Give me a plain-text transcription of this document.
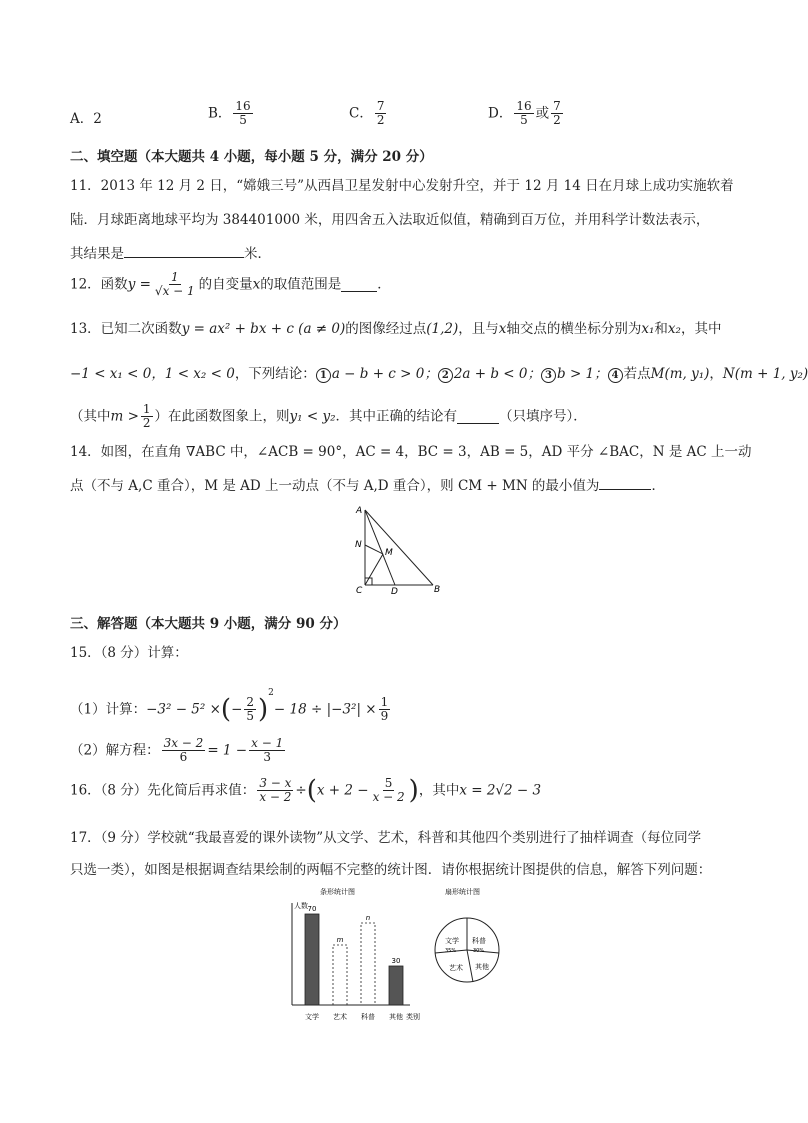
A．2	B． $\frac{16}{5}$	C． $\frac{7}{2}$	D． $\frac{16}{5}$ 或 $\frac{7}{2}$
二、填空题（本大题共 4 小题，每小题 5 分，满分 20 分）
11．2013 年 12 月 2 日，“嫦娥三号”从西昌卫星发射中心发射升空，并于 12 月 14 日在月球上成功实施软着
陆．月球距离地球平均为 384401000 米，用四舍五入法取近似值，精确到百万位，并用科学计数法表示，
其结果是	米．
12．函数$y = \frac{1}{√x - 1}$ 的自变量x的取值范围是	．
13．已知二次函数y = ax² + bx + c (a ≠ 0)的图像经过点(1,2)，且与x轴交点的横坐标分别为x₁和x₂，其中
−1 < x₁ < 0，1 < x₂ < 0，下列结论： 1 a − b + c > 0； 2 2a + b < 0； 3 b > 1； 4 若点M(m, y₁)，N(m + 1, y₂)
（其中$m > \frac{1}{2}$ ）在此函数图象上，则y₁ < y₂．其中正确的结论有	（只填序号）．
14．如图，在直角 ∇ABC 中，∠ACB = 90°，AC = 4，BC = 3，AB = 5，AD 平分 ∠BAC，N 是 AC 上一动
点（不与 A,C 重合），M 是 AD 上一动点（不与 A,D 重合），则 CM + MN 的最小值为	．
A
N
M
C	D	B
三、解答题（本大题共 9 小题，满分 90 分）
15．（8 分）计算：
（1）计算：−3² − 5² ×(− $\frac{2}{5} )^2- 18 \div |-3^2| \times \frac{1}{9}$
（2）解方程： $\frac{3x - 2}{6} = 1 - \frac{x - 1}{3}$
16．（8 分）先化简后再求值： $\frac{3 - x}{x - 2} \div(x + 2 - \frac{5}{x - 2}$ )，其中x = 2√2 − 3
17．（9 分）学校就“我最喜爱的课外读物”从文学、艺术，科普和其他四个类别进行了抽样调查（每位同学
只选一类），如图是根据调查结果绘制的两幅不完整的统计图．请你根据统计图提供的信息，解答下列问题：
条形统计图
人数 70
文学
m
艺术
n
科普
30
其他 类别
扇形统计图
文学
35%
科普
30%
艺术 其他
